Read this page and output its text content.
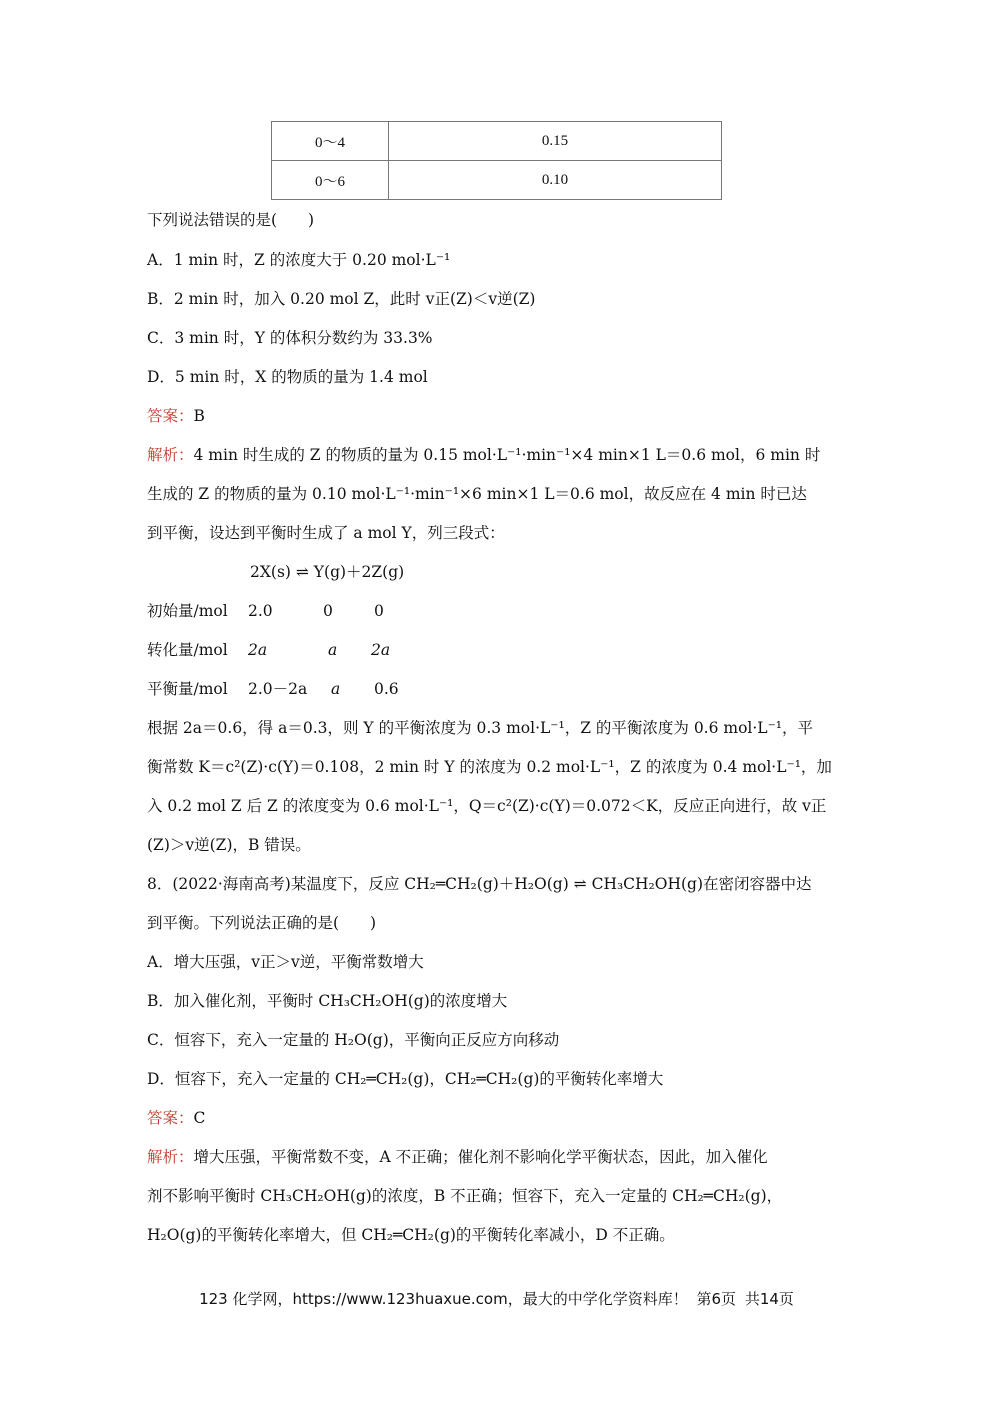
0～4	0.15
0～6	0.10
下列说法错误的是(　　)
A．1 min 时，Z 的浓度大于 0.20 mol·L⁻¹
B．2 min 时，加入 0.20 mol Z，此时 v正(Z)＜v逆(Z)
C．3 min 时，Y 的体积分数约为 33.3%
D．5 min 时，X 的物质的量为 1.4 mol
答案：B
解析：4 min 时生成的 Z 的物质的量为 0.15 mol·L⁻¹·min⁻¹×4 min×1 L＝0.6 mol，6 min 时
生成的 Z 的物质的量为 0.10 mol·L⁻¹·min⁻¹×6 min×1 L＝0.6 mol，故反应在 4 min 时已达
到平衡，设达到平衡时生成了 a mol Y，列三段式：
2X(s) ⇌ Y(g)＋2Z(g)
初始量/mol 2.0	0	0
转化量/mol 2a	a 2a
平衡量/mol 2.0－2a a 0.6
根据 2a＝0.6，得 a＝0.3，则 Y 的平衡浓度为 0.3 mol·L⁻¹，Z 的平衡浓度为 0.6 mol·L⁻¹，平
衡常数 K＝c²(Z)·c(Y)＝0.108，2 min 时 Y 的浓度为 0.2 mol·L⁻¹，Z 的浓度为 0.4 mol·L⁻¹，加
入 0.2 mol Z 后 Z 的浓度变为 0.6 mol·L⁻¹，Q＝c²(Z)·c(Y)＝0.072＜K，反应正向进行，故 v正
(Z)＞v逆(Z)，B 错误。
8．(2022·海南高考)某温度下，反应 CH₂═CH₂(g)＋H₂O(g) ⇌ CH₃CH₂OH(g)在密闭容器中达
到平衡。下列说法正确的是(　　)
A．增大压强，v正＞v逆，平衡常数增大
B．加入催化剂，平衡时 CH₃CH₂OH(g)的浓度增大
C．恒容下，充入一定量的 H₂O(g)，平衡向正反应方向移动
D．恒容下，充入一定量的 CH₂═CH₂(g)，CH₂═CH₂(g)的平衡转化率增大
答案：C
解析：增大压强，平衡常数不变，A 不正确；催化剂不影响化学平衡状态，因此，加入催化
剂不影响平衡时 CH₃CH₂OH(g)的浓度，B 不正确；恒容下，充入一定量的 CH₂═CH₂(g)，
H₂O(g)的平衡转化率增大，但 CH₂═CH₂(g)的平衡转化率减小，D 不正确。
123 化学网，https://www.123huaxue.com，最大的中学化学资料库！ 第6页 共14页
